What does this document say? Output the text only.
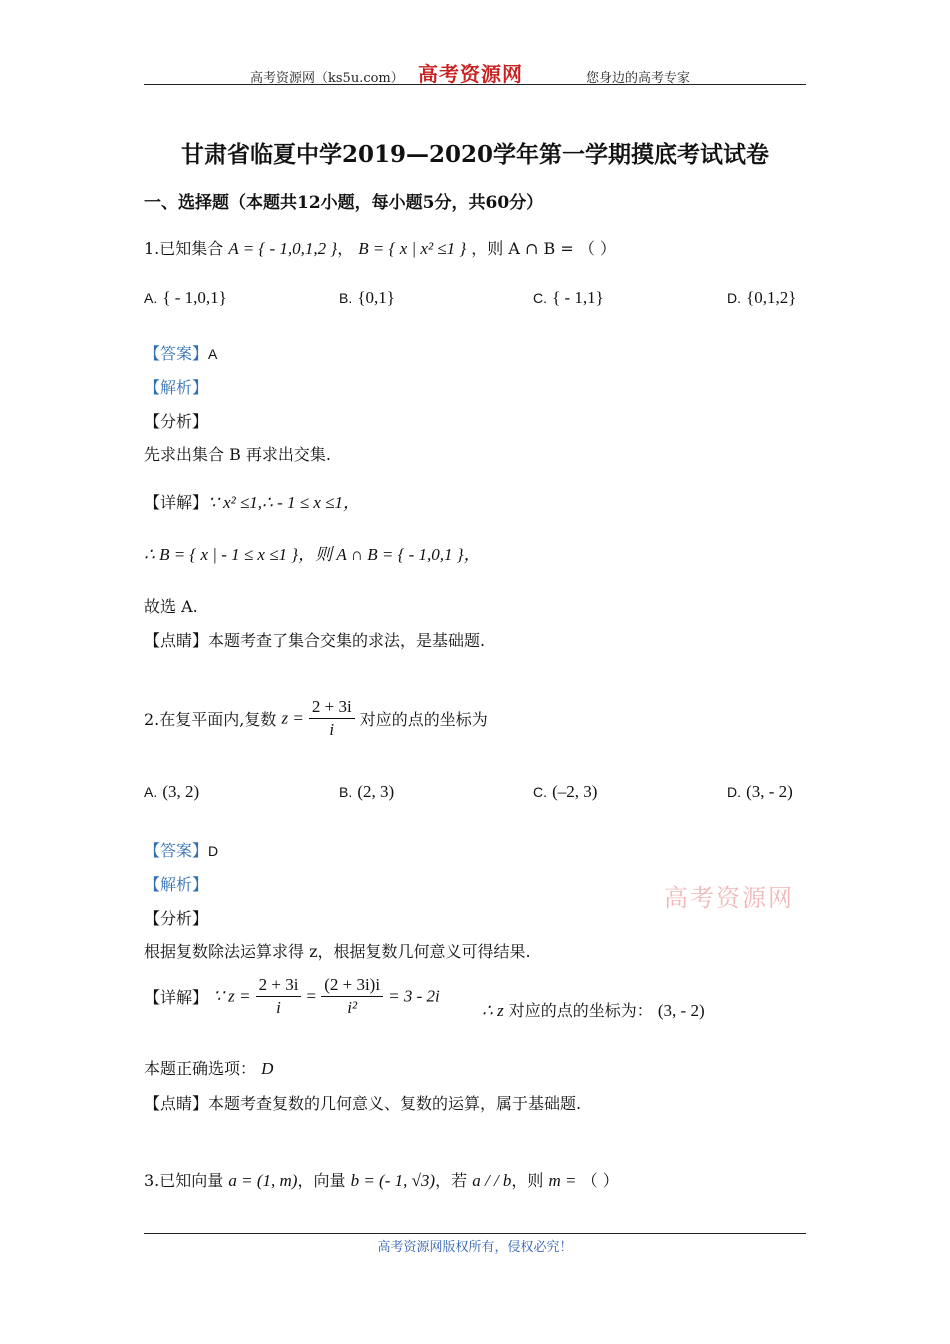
高考资源网（ks5u.com） 高考资源网	您身边的高考专家
甘肃省临夏中学2019—2020学年第一学期摸底考试试卷
一、选择题（本题共12小题，每小题5分，共60分）
1.已知集合 A = { - 1,0,1,2 }， B = { x | x² ≤1 } ，则 A ∩ B = （ ）
A. { - 1,0,1}	B. {0,1}	C. { - 1,1}	D. {0,1,2}
【答案】A
【解析】
【分析】
先求出集合 B 再求出交集.
【详解】∵ x² ≤1,∴ - 1 ≤ x ≤1，
∴ B = { x | - 1 ≤ x ≤1 }，则 A ∩ B = { - 1,0,1 }，
故选 A.
【点睛】本题考查了集合交集的求法，是基础题.
2.在复平面内,复数 $z = \frac{2 + 3i}{i}$ 对应的点的坐标为
A. (3, 2)	B. (2, 3)	C. (–2, 3)	D. (3, - 2)
【答案】D
【解析】	高考资源网
【分析】
根据复数除法运算求得 z，根据复数几何意义可得结果.
【详解】 ∵ $z = \frac{2 + 3i}{i} = \frac{(2 + 3i)i}{\text{i²}} = 3 - 2i$
∴ z 对应的点的坐标为： (3, - 2)
本题正确选项： D
【点睛】本题考查复数的几何意义、复数的运算，属于基础题.
3.已知向量 a = (1, m)，向量 b = (- 1, √3)，若 a / / b，则 m = （ ）
高考资源网版权所有，侵权必究！
